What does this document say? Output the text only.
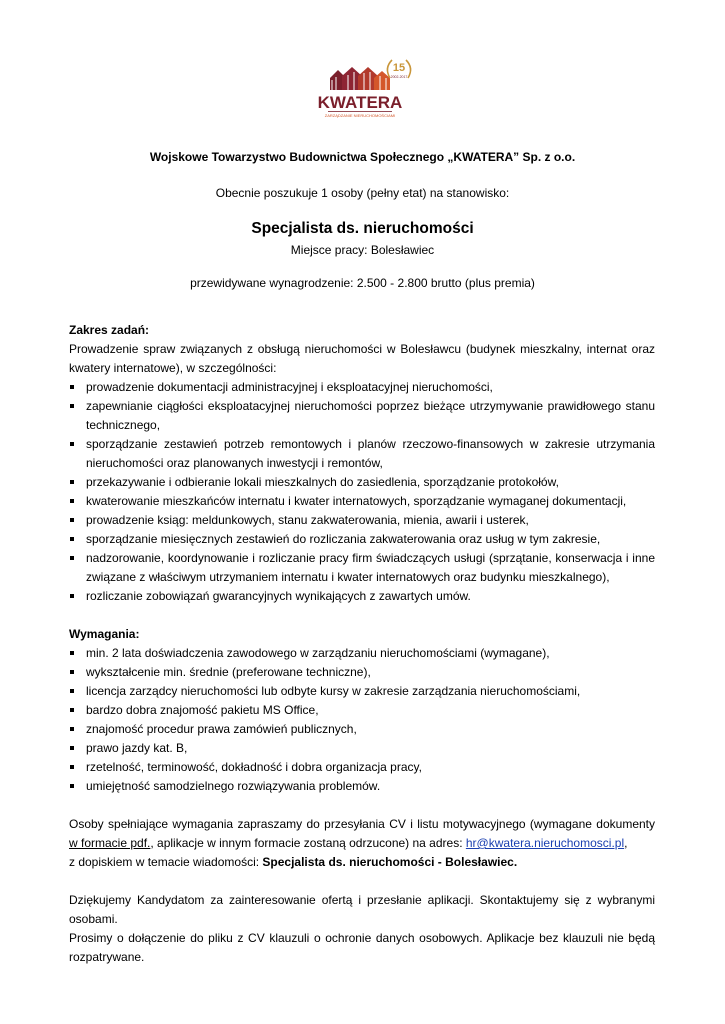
15
2002-2017
KWATERA
ZARZĄDZANIE NIERUCHOMOŚCIAMI
Wojskowe Towarzystwo Budownictwa Społecznego „KWATERA” Sp. z o.o.
Obecnie poszukuje 1 osoby (pełny etat) na stanowisko:
Specjalista ds. nieruchomości
Miejsce pracy: Bolesławiec
przewidywane wynagrodzenie: 2.500 - 2.800 brutto (plus premia)

Zakres zadań:

Prowadzenie spraw związanych z obsługą nieruchomości w Bolesławcu (budynek mieszkalny, internat oraz kwatery internatowe), w szczególności:

prowadzenie dokumentacji administracyjnej i eksploatacyjnej nieruchomości,
zapewnianie ciągłości eksploatacyjnej nieruchomości poprzez bieżące utrzymywanie prawidłowego stanu technicznego,
sporządzanie zestawień potrzeb remontowych i planów rzeczowo-finansowych w zakresie utrzymania nieruchomości oraz planowanych inwestycji i remontów,
przekazywanie i odbieranie lokali mieszkalnych do zasiedlenia, sporządzanie protokołów,
kwaterowanie mieszkańców internatu i kwater internatowych, sporządzanie wymaganej dokumentacji,
prowadzenie ksiąg: meldunkowych, stanu zakwaterowania, mienia, awarii i usterek,
sporządzanie miesięcznych zestawień do rozliczania zakwaterowania oraz usług w tym zakresie,
nadzorowanie, koordynowanie i rozliczanie pracy firm świadczących usługi (sprzątanie, konserwacja i inne związane z właściwym utrzymaniem internatu i kwater internatowych oraz budynku mieszkalnego),
rozliczanie zobowiązań gwarancyjnych wynikających z zawartych umów.

Wymagania:

min. 2 lata doświadczenia zawodowego w zarządzaniu nieruchomościami (wymagane),
wykształcenie min. średnie (preferowane techniczne),
licencja zarządcy nieruchomości lub odbyte kursy w zakresie zarządzania nieruchomościami,
bardzo dobra znajomość pakietu MS Office,
znajomość procedur prawa zamówień publicznych,
prawo jazdy kat. B,
rzetelność, terminowość, dokładność i dobra organizacja pracy,
umiejętność samodzielnego rozwiązywania problemów.

Osoby spełniające wymagania zapraszamy do przesyłania CV i listu motywacyjnego (wymagane dokumenty w formacie pdf., aplikacje w innym formacie zostaną odrzucone) na adres: hr@kwatera.nieruchomosci.pl,

z dopiskiem w temacie wiadomości: Specjalista ds. nieruchomości - Bolesławiec.

Dziękujemy Kandydatom za zainteresowanie ofertą i przesłanie aplikacji. Skontaktujemy się z wybranymi osobami.

Prosimy o dołączenie do pliku z CV klauzuli o ochronie danych osobowych. Aplikacje bez klauzuli nie będą rozpatrywane.
